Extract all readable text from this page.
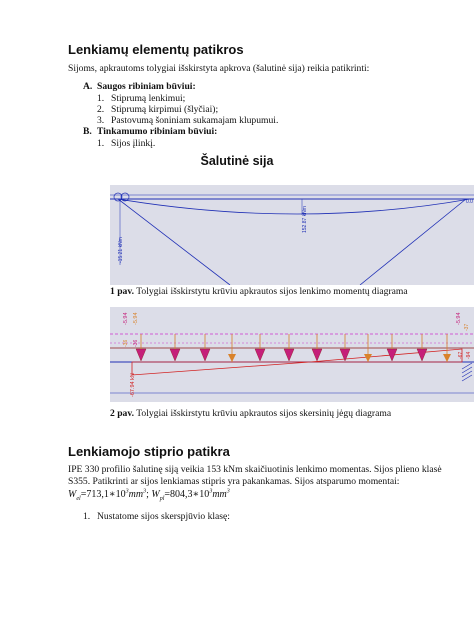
Lenkiamų elementų patikros
Sijoms, apkrautoms tolygiai išskirstyta apkrova (šalutinė sija) reikia patikrinti:
A. Saugos ribiniam būviui:
1. Stiprumą lenkimui;
2. Stiprumą kirpimui (šlyčiai);
3. Pastovumą šoniniam sukamajam klupumui.
B. Tinkamumo ribiniam būviui:
1. Sijos įlinkį.
Šalutinė sija
152.87 kNm
-15.21 kNm
0.0
1 pav. Tolygiai išskirstytu krūviu apkrautos sijos lenkimo momentų diagrama
-5.94 -5.94
-36 -36
-67.94 kN
-5.94
-37
-67 -94
2 pav. Tolygiai išskirstytu krūviu apkrautos sijos skersinių jėgų diagrama
Lenkiamojo stiprio patikra
IPE 330 profilio šalutinę siją veikia 153 kNm skaičiuotinis lenkimo momentas. Sijos plieno klasė S355. Patikrinti ar sijos lenkiamas stipris yra pakankamas. Sijos atsparumo momentai:
$W_{el}=713,1∗10^3mm^3$; $W_{pl}=804,3∗10^3mm^3$
1. Nustatome sijos skerspjūvio klasę:
